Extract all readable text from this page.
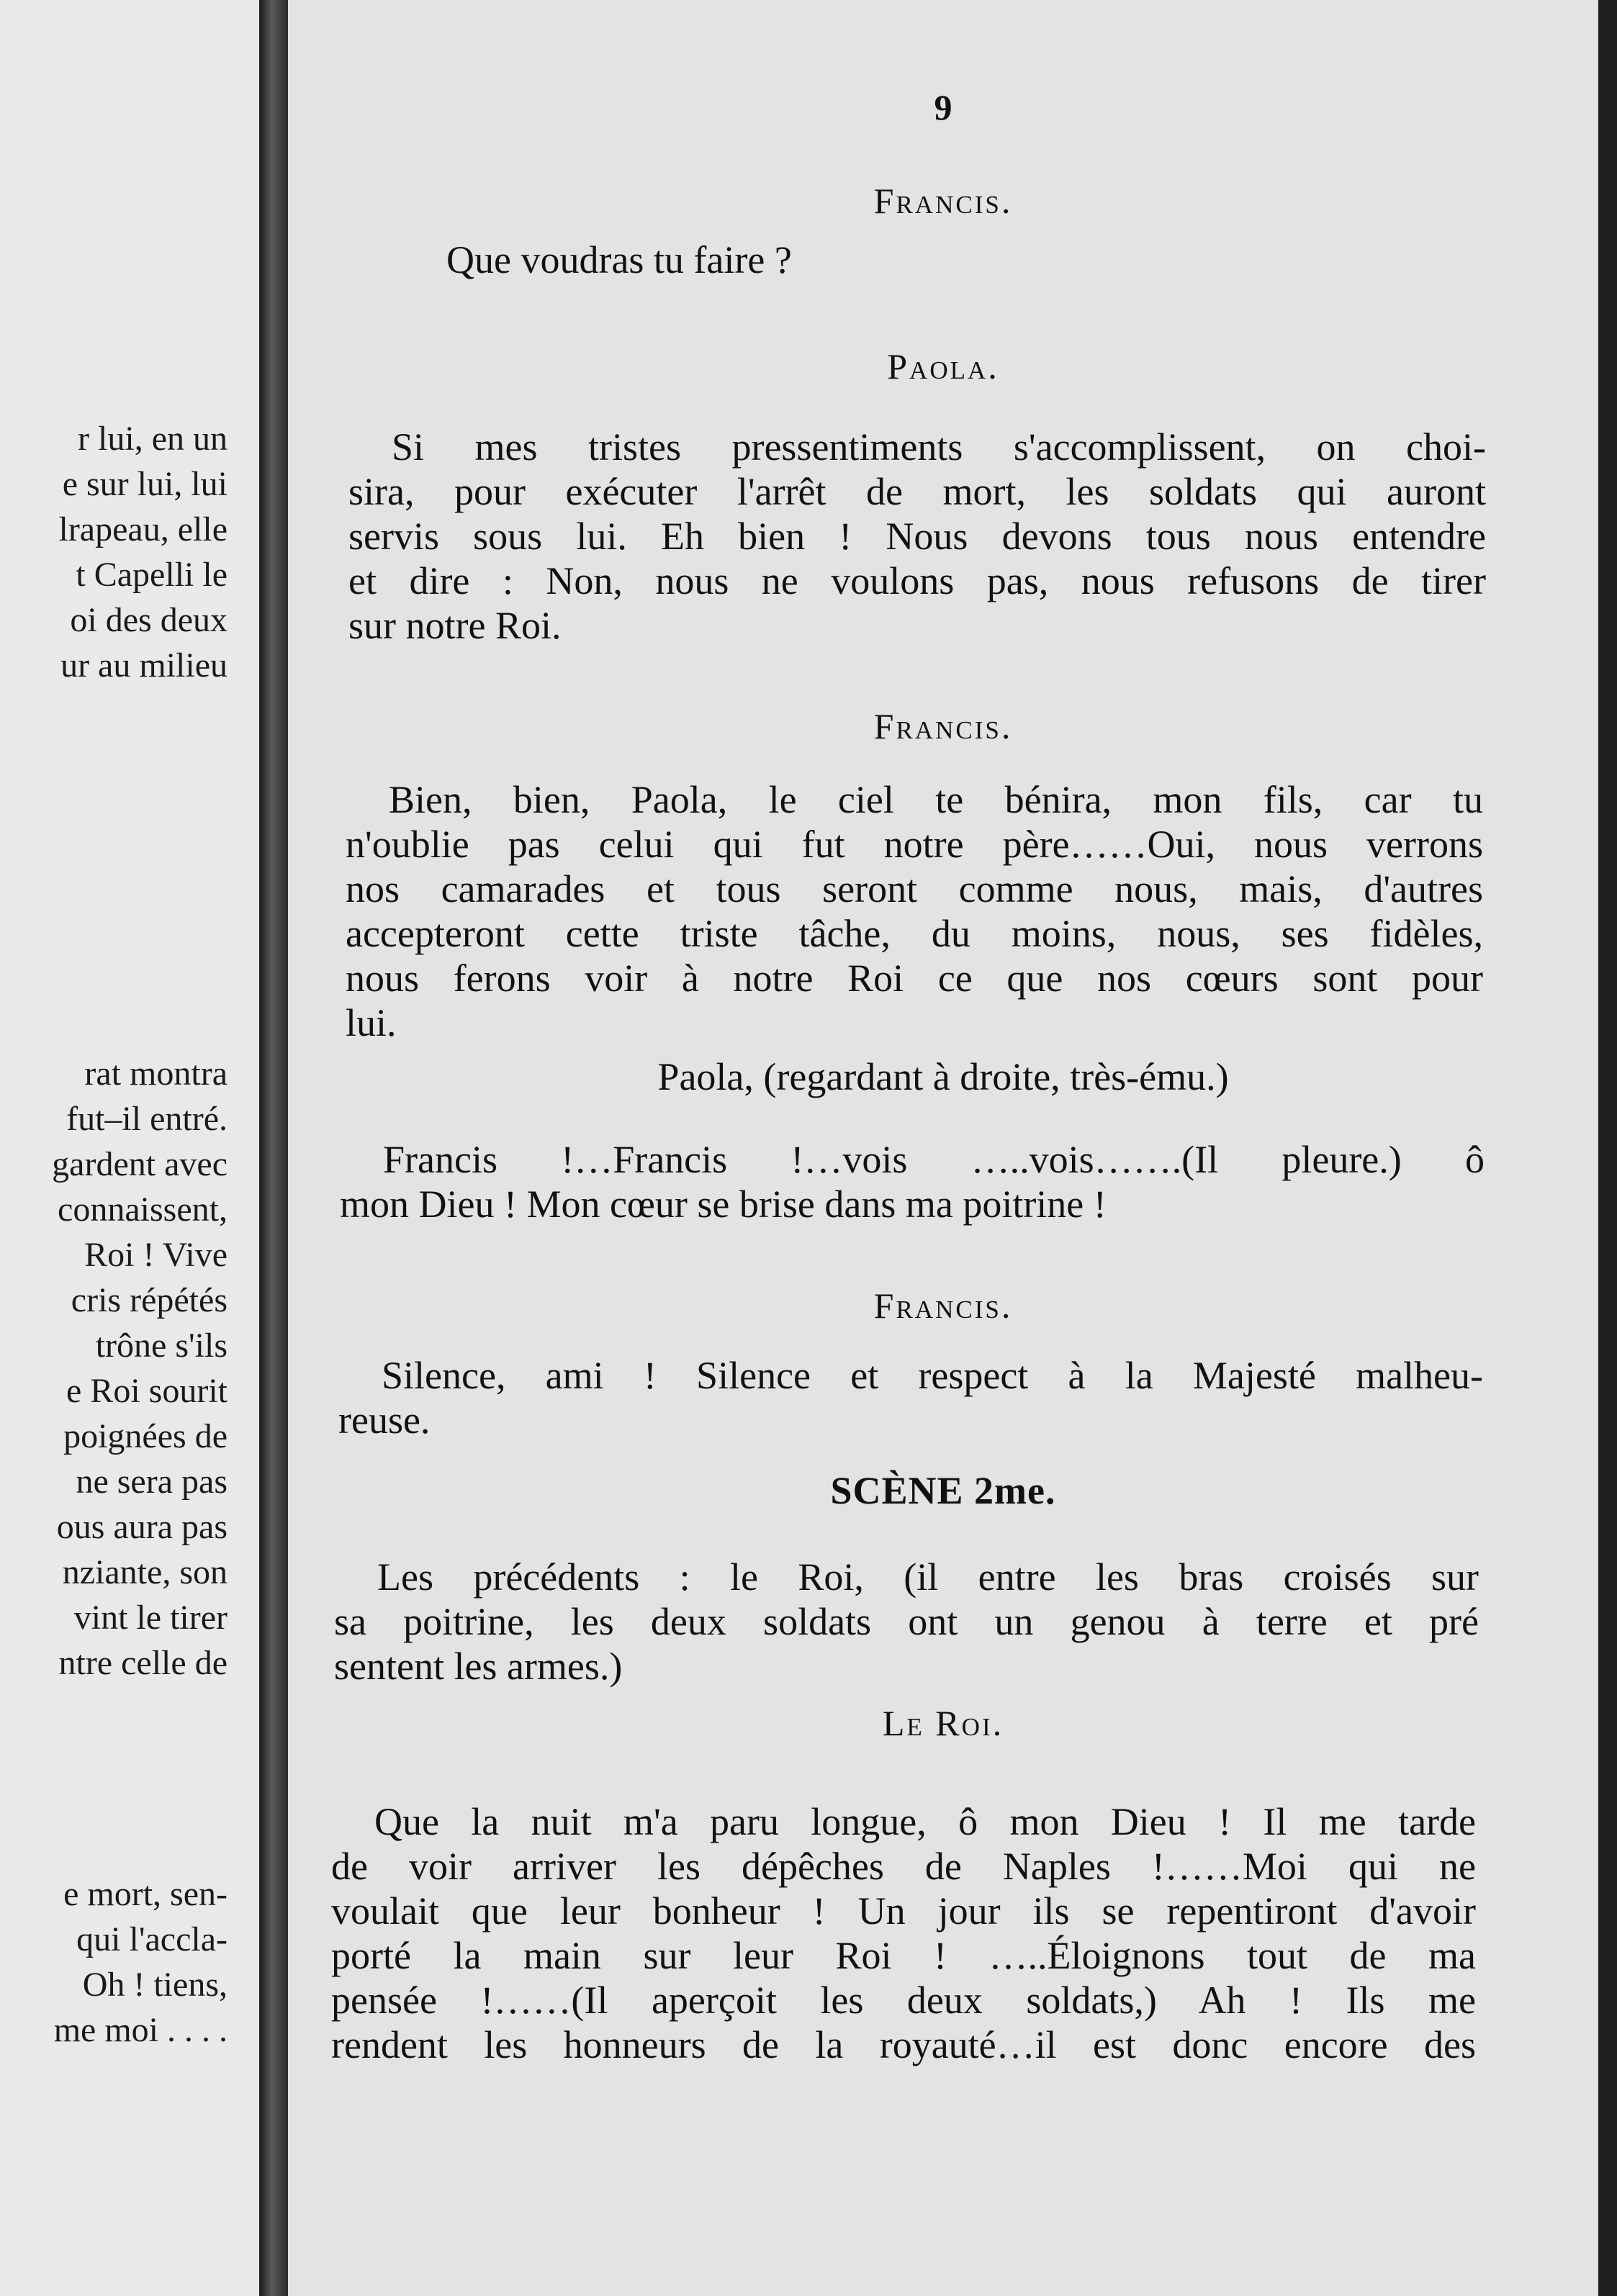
r lui, en un
e sur lui, lui
lrapeau, elle
t Capelli le
oi des deux
ur au milieu
rat montra
fut–il entré.
gardent avec
connaissent,
Roi ! Vive
cris répétés
trône s'ils
e Roi sourit
poignées de
ne sera pas
ous aura pas
nziante, son
vint le tirer
ntre celle de
e mort, sen-
qui l'accla-
Oh ! tiens,
me moi . . . .
9
Francis.
Que voudras tu faire ?
Paola.
Si mes tristes pressentiments s'accomplissent, on choi-
sira, pour exécuter l'arrêt de mort, les soldats qui auront
servis sous lui. Eh bien ! Nous devons tous nous entendre
et dire : Non, nous ne voulons pas, nous refusons de tirer
sur notre Roi.
Francis.
Bien, bien, Paola, le ciel te bénira, mon fils, car tu
n'oublie pas celui qui fut notre père……Oui, nous verrons
nos camarades et tous seront comme nous, mais, d'autres
accepteront cette triste tâche, du moins, nous, ses fidèles,
nous ferons voir à notre Roi ce que nos cœurs sont pour
lui.
Paola, (regardant à droite, très-ému.)
Francis !…Francis !…vois …..vois…….(Il pleure.) ô
mon Dieu ! Mon cœur se brise dans ma poitrine !
Francis.
Silence, ami ! Silence et respect à la Majesté malheu-
reuse.
SCÈNE 2me.
Les précédents : le Roi, (il entre les bras croisés sur
sa poitrine, les deux soldats ont un genou à terre et pré
sentent les armes.)
Le Roi.
Que la nuit m'a paru longue, ô mon Dieu ! Il me tarde
de voir arriver les dépêches de Naples !……Moi qui ne
voulait que leur bonheur ! Un jour ils se repentiront d'avoir
porté la main sur leur Roi ! …..Éloignons tout de ma
pensée !……(Il aperçoit les deux soldats,) Ah ! Ils me
rendent les honneurs de la royauté…il est donc encore des
